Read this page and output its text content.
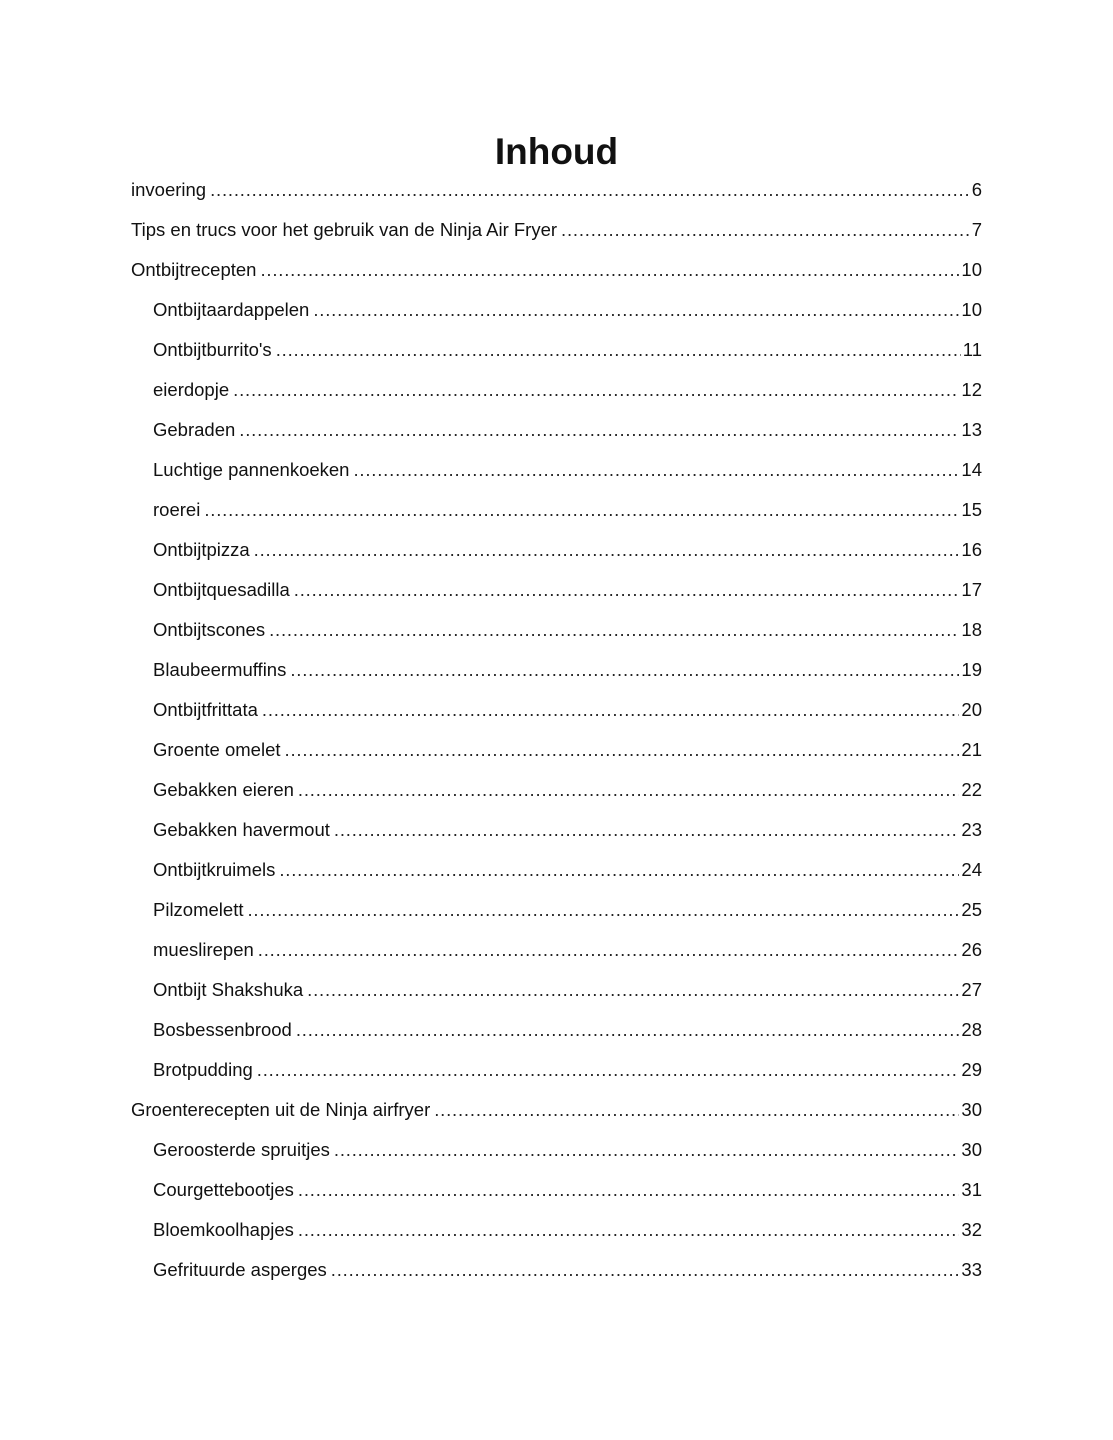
Inhoud
invoering .....	6
Tips en trucs voor het gebruik van de Ninja Air Fryer .....	7
Ontbijtrecepten .....	10
Ontbijtaardappelen .....	10
Ontbijtburrito's .....	11
eierdopje .....	12
Gebraden .....	13
Luchtige pannenkoeken .....	14
roerei .....	15
Ontbijtpizza .....	16
Ontbijtquesadilla .....	17
Ontbijtscones .....	18
Blaubeermuffins .....	19
Ontbijtfrittata .....	20
Groente omelet .....	21
Gebakken eieren .....	22
Gebakken havermout .....	23
Ontbijtkruimels .....	24
Pilzomelett .....	25
mueslirepen .....	26
Ontbijt Shakshuka .....	27
Bosbessenbrood .....	28
Brotpudding .....	29
Groenterecepten uit de Ninja airfryer .....	30
Geroosterde spruitjes .....	30
Courgettebootjes .....	31
Bloemkoolhapjes .....	32
Gefrituurde asperges .....	33
